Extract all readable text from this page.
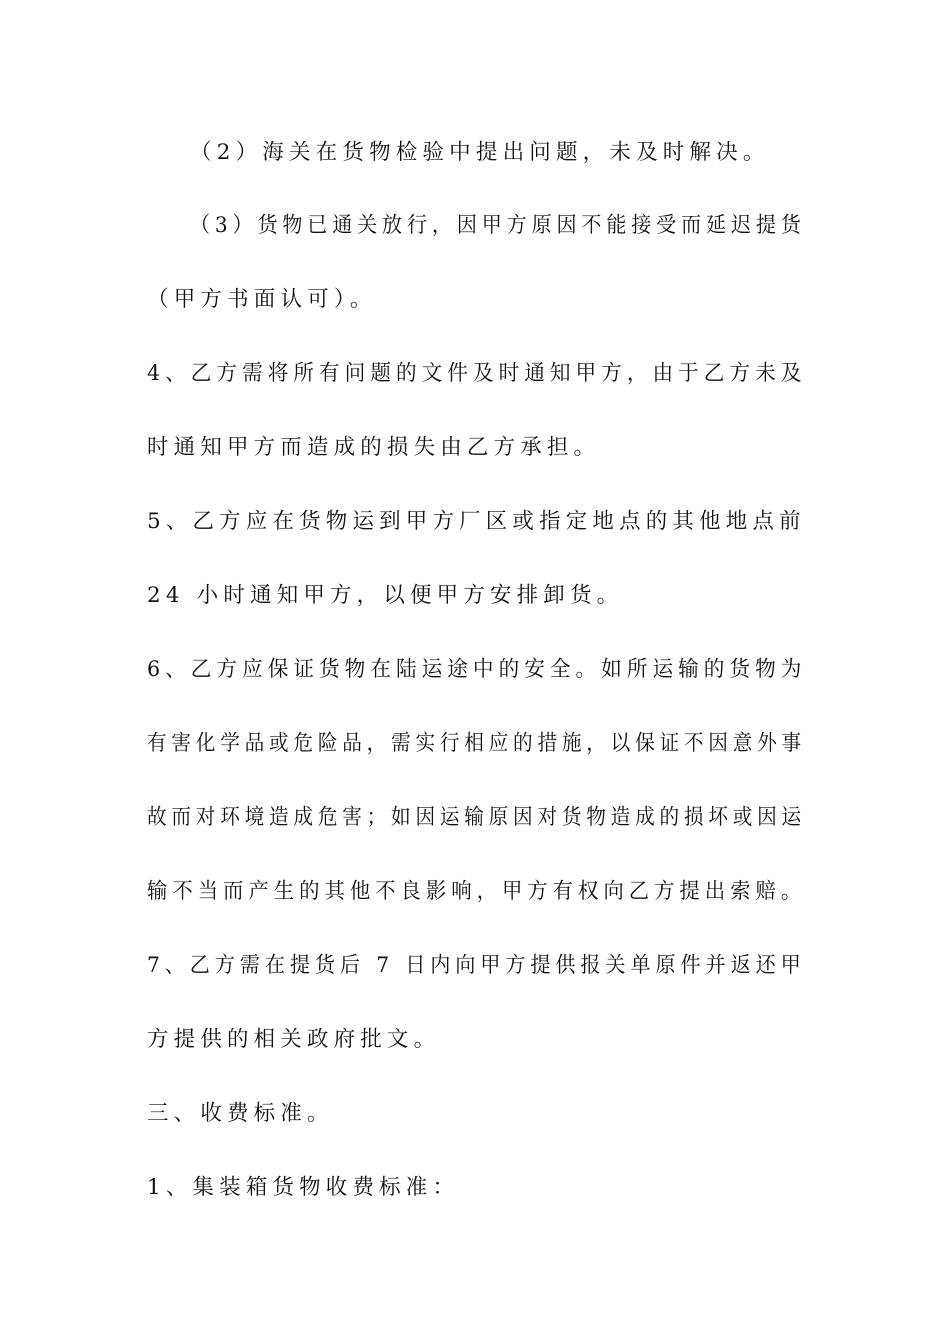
（2）海关在货物检验中提出问题，未及时解决。
（3）货物已通关放行，因甲方原因不能接受而延迟提货
（甲方书面认可）。
4、乙方需将所有问题的文件及时通知甲方，由于乙方未及
时通知甲方而造成的损失由乙方承担。
5、乙方应在货物运到甲方厂区或指定地点的其他地点前
24 小时通知甲方，以便甲方安排卸货。
6、乙方应保证货物在陆运途中的安全。如所运输的货物为
有害化学品或危险品，需实行相应的措施，以保证不因意外事
故而对环境造成危害；如因运输原因对货物造成的损坏或因运
输不当而产生的其他不良影响，甲方有权向乙方提出索赔。
7、乙方需在提货后 7 日内向甲方提供报关单原件并返还甲
方提供的相关政府批文。
三、收费标准。
1、集装箱货物收费标准：
